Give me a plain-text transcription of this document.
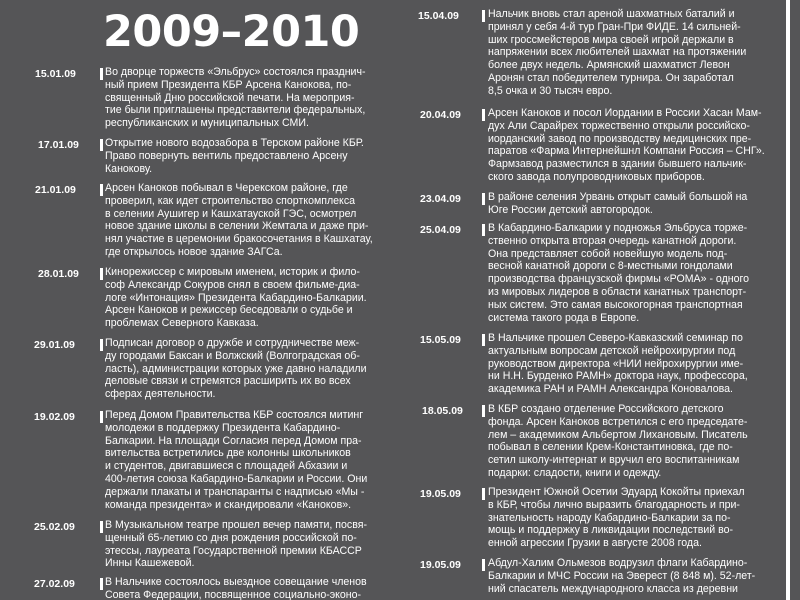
2009–2010
15.01.09	Во дворце торжеств «Эльбрус» состоялся празднич-
ный прием Президента КБР Арсена Канокова, по-
священный Дню российской печати. На мероприя-
тие были приглашены представители федеральных,
республиканских и муниципальных СМИ.

17.01.09 Открытие нового водозабора в Терском районе КБР.
Право повернуть вентиль предоставлено Арсену
Канокову.

21.01.09	Арсен Каноков побывал в Черекском районе, где
проверил, как идет строительство спорткомплекса
в селении Аушигер и Кашхатауской ГЭС, осмотрел
новое здание школы в селении Жемтала и даже при-
нял участие в церемонии бракосочетания в Кашхатау,
где открылось новое здание ЗАГСа.

28.01.09 Кинорежиссер с мировым именем, историк и фило-
соф Александр Сокуров снял в своем фильме-диа-
логе «Интонация» Президента Кабардино-Балкарии.
Арсен Каноков и режиссер беседовали о судьбе и
проблемах Северного Кавказа.

29.01.09	Подписан договор о дружбе и сотрудничестве меж-
ду городами Баксан и Волжский (Волгоградская об-
ласть), администрации которых уже давно наладили
деловые связи и стремятся расширить их во всех
сферах деятельности.

19.02.09	Перед Домом Правительства КБР состоялся митинг
молодежи в поддержку Президента Кабардино-
Балкарии. На площади Согласия перед Домом пра-
вительства встретились две колонны школьников
и студентов, двигавшиеся с площадей Абхазии и
400-летия союза Кабардино-Балкарии и России. Они
держали плакаты и транспаранты с надписью «Мы -
команда президента» и скандировали «Каноков».

25.02.09	В Музыкальном театре прошел вечер памяти, посвя-
щенный 65-летию со дня рождения российской по-
этессы, лауреата Государственной премии КБАССР
Инны Кашежевой.

27.02.09	В Нальчике состоялось выездное совещание членов
Совета Федерации, посвященное социально-эконо-

15.04.09	Нальчик вновь стал ареной шахматных баталий и
принял у себя 4-й тур Гран-При ФИДЕ. 14 сильней-
ших гроссмейстеров мира своей игрой держали в
напряжении всех любителей шахмат на протяжении
более двух недель. Армянский шахматист Левон
Аронян стал победителем турнира. Он заработал
8,5 очка и 30 тысяч евро.

20.04.09	Арсен Каноков и посол Иордании в России Хасан Мам-
дух Али Сарайрех торжественно открыли российско-
иорданский завод по производству медицинских пре-
паратов «Фарма Интернейшнл Компани Россия – СНГ».
Фармзавод разместился в здании бывшего нальчик-
ского завода полупроводниковых приборов.

23.04.09	В районе селения Урвань открыт самый большой на
Юге России детский автогородок.

25.04.09	В Кабардино-Балкарии у подножья Эльбруса торже-
ственно открыта вторая очередь канатной дороги.
Она представляет собой новейшую модель под-
весной канатной дороги с 8-местными гондолами
производства французской фирмы «РОМА» - одного
из мировых лидеров в области канатных транспорт-
ных систем. Это самая высокогорная транспортная
система такого рода в Европе.

15.05.09	В Нальчике прошел Северо-Кавказский семинар по
актуальным вопросам детской нейрохирургии под
руководством директора «НИИ нейрохирургии име-
ни Н.Н. Бурденко РАМН» доктора наук, профессора,
академика РАН и РАМН Александра Коновалова.

18.05.09 В КБР создано отделение Российского детского
фонда. Арсен Каноков встретился с его председате-
лем – академиком Альбертом Лихановым. Писатель
побывал в селении Крем-Константиновка, где по-
сетил школу-интернат и вручил его воспитанникам
подарки: сладости, книги и одежду.

19.05.09	Президент Южной Осетии Эдуард Кокойты приехал
в КБР, чтобы лично выразить благодарность и при-
знательность народу Кабардино-Балкарии за по-
мощь и поддержку в ликвидации последствий во-
енной агрессии Грузии в августе 2008 года.

19.05.09	Абдул-Халим Ольмезов водрузил флаги Кабардино-
Балкарии и МЧС России на Эверест (8 848 м). 52-лет-
ний спасатель международного класса из деревни
